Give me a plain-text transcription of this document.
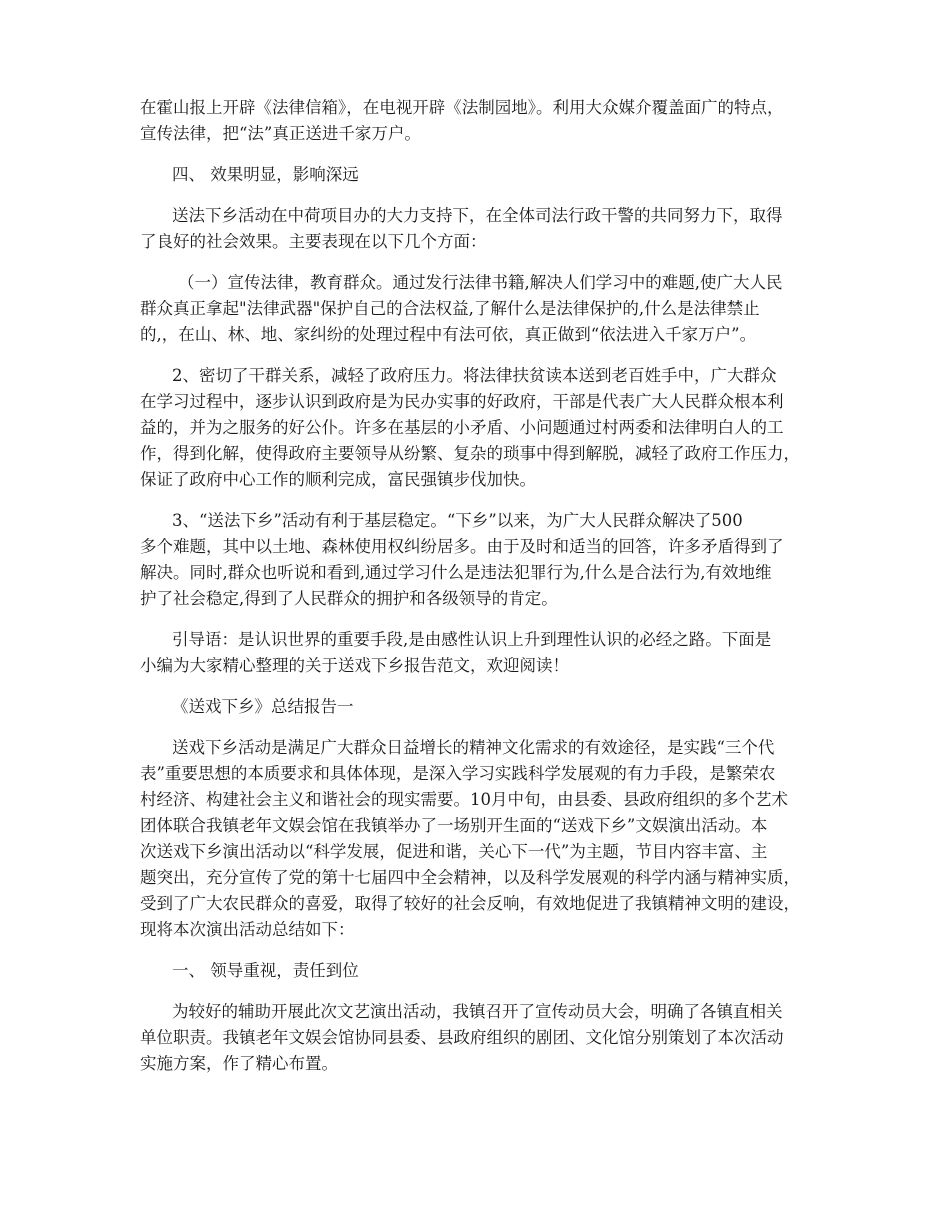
在霍山报上开辟《法律信箱》，在电视开辟《法制园地》。利用大众媒介覆盖面广的特点，
宣传法律，把“法”真正送进千家万户。
四、 效果明显，影响深远
送法下乡活动在中荷项目办的大力支持下，在全体司法行政干警的共同努力下，取得
了良好的社会效果。主要表现在以下几个方面：
（一）宣传法律，教育群众。通过发行法律书籍,解决人们学习中的难题,使广大人民
群众真正拿起"法律武器"保护自己的合法权益,了解什么是法律保护的,什么是法律禁止
的,，在山、林、地、家纠纷的处理过程中有法可依，真正做到“依法进入千家万户”。
2、密切了干群关系，减轻了政府压力。将法律扶贫读本送到老百姓手中，广大群众
在学习过程中，逐步认识到政府是为民办实事的好政府，干部是代表广大人民群众根本利
益的，并为之服务的好公仆。许多在基层的小矛盾、小问题通过村两委和法律明白人的工
作，得到化解，使得政府主要领导从纷繁、复杂的琐事中得到解脱，减轻了政府工作压力，
保证了政府中心工作的顺利完成，富民强镇步伐加快。
3、“送法下乡”活动有利于基层稳定。“下乡”以来，为广大人民群众解决了500
多个难题，其中以土地、森林使用权纠纷居多。由于及时和适当的回答，许多矛盾得到了
解决。同时,群众也听说和看到,通过学习什么是违法犯罪行为,什么是合法行为,有效地维
护了社会稳定,得到了人民群众的拥护和各级领导的肯定。
引导语：是认识世界的重要手段,是由感性认识上升到理性认识的必经之路。下面是
小编为大家精心整理的关于送戏下乡报告范文，欢迎阅读！
《送戏下乡》总结报告一
送戏下乡活动是满足广大群众日益增长的精神文化需求的有效途径，是实践“三个代
表”重要思想的本质要求和具体体现，是深入学习实践科学发展观的有力手段，是繁荣农
村经济、构建社会主义和谐社会的现实需要。10月中旬，由县委、县政府组织的多个艺术
团体联合我镇老年文娱会馆在我镇举办了一场别开生面的“送戏下乡”文娱演出活动。本
次送戏下乡演出活动以“科学发展，促进和谐，关心下一代”为主题，节目内容丰富、主
题突出，充分宣传了党的第十七届四中全会精神，以及科学发展观的科学内涵与精神实质，
受到了广大农民群众的喜爱，取得了较好的社会反响，有效地促进了我镇精神文明的建设，
现将本次演出活动总结如下：
一、 领导重视，责任到位
为较好的辅助开展此次文艺演出活动，我镇召开了宣传动员大会，明确了各镇直相关
单位职责。我镇老年文娱会馆协同县委、县政府组织的剧团、文化馆分别策划了本次活动
实施方案，作了精心布置。
